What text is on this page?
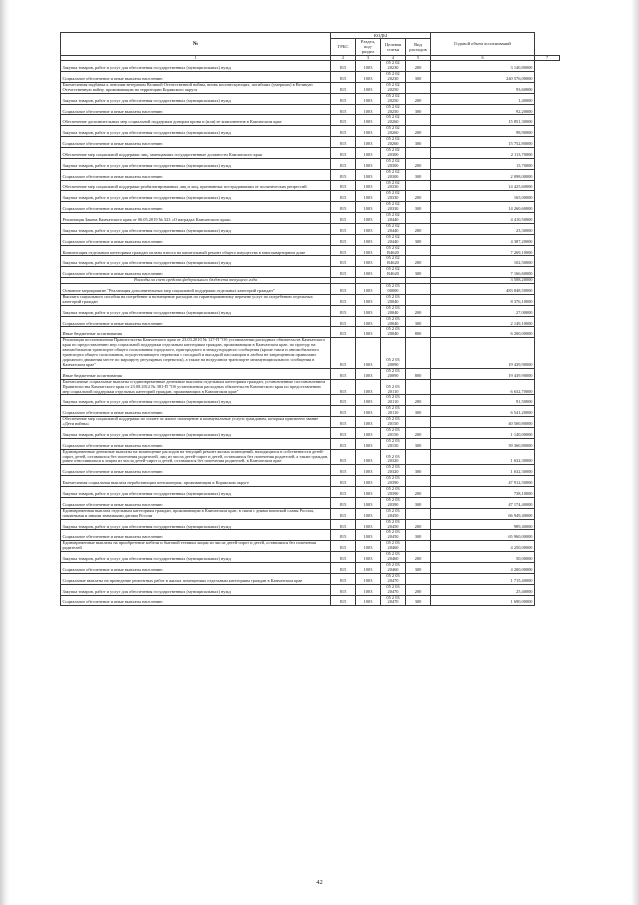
№	КОДЫ				Годовой объем ассигнований	
	ГРБС	Раздел, под-раздел	Целевая статья	Вид расходов		
1	2	3	4	5	6	7
Закупка товаров, работ и услуг для обеспечения государственных (муниципальных) нужд	815	1003	05 2 02 20230	200	3 140,80000	
Социальное обеспечение и иные выплаты населению	815	1003	05 2 02 20230	300	240 576,00000	
Ежемесячная надбавка к пенсиям ветеранам Великой Отечественной войны, вновь восинескующих, погибших (умерших) в Великую Отечественную войну, проживающим на территории Корякского округа	815	1003	05 2 02 20250		93,60000	
Закупка товаров, работ и услуг для обеспечения государственных (муниципальных) нужд	815	1003	05 2 02 20250	200	1,40000	
Социальное обеспечение и иные выплаты населению	815	1003	05 2 02 20250	300	92,20000	
Обеспечение дополнительных мер социальной поддержки донорам крови и (или) ее компонентов в Камчатском крае	815	1003	05 2 02 20260		15 851,30000	
Закупка товаров, работ и услуг для обеспечения государственных (муниципальных) нужд	815	1003	05 2 02 20260	200	98,90000	
Социальное обеспечение и иные выплаты населению	815	1003	05 2 02 20260	300	15 752,80000	
Обеспечение мер социальной поддержки лиц, замещавших государственные должности Камчатского края	815	1003	05 2 02 20300		2 113,70000	
Закупка товаров, работ и услуг для обеспечения государственных (муниципальных) нужд	815	1003	05 2 02 20300	200	15,70000	
Социальное обеспечение и иные выплаты населению	815	1003	05 2 02 20300	300	2 098,00000	
Обеспечение мер социальной поддержки реабилитированных лиц и лиц, признанных пострадавшими от политических репрессий	815	1003	05 2 02 20330		14 425,60000	
Закупка товаров, работ и услуг для обеспечения государственных (муниципальных) нужд	815	1003	05 2 02 20330	200	165,00000	
Социальное обеспечение и иные выплаты населению	815	1003	05 2 02 20330	300	14 260,60000	
Реализация Закона Камчатского края от 06.05.2019 № 323 «О наградах Камчатского края»	815	1003	05 2 02 20440		4 410,50000	
Закупка товаров, работ и услуг для обеспечения государственных (муниципальных) нужд	815	1003	05 2 02 20440	200	23,30000	
Социальное обеспечение и иные выплаты населению	815	1003	05 2 02 20440	300	4 387,20000	
Компенсация отдельным категориям граждан оплаты взноса на капитальный ремонт общего имущества в многоквартирном доме	815	1003	05 2 02 R4620		7 269,10000	
Закупка товаров, работ и услуг для обеспечения государственных (муниципальных) нужд	815	1003	05 2 02 R4620	200	102,50000	
Социальное обеспечение и иные выплаты населению	815	1003	05 2 02 R4620	300	7 166,60000	
Расходы за счет средств федерального бюджета текущего года					3 508,20000	
Основное мероприятие "Реализация дополнительных мер социальной поддержки отдельных категорий граждан"	815	1003	05 2 03 00000		483 848,50000	
Выплата социального пособия на погребение и возмещение расходов по гарантированному перечню услуг по погребению отдельных категорий граждан	815	1003	05 2 03 20040		8 376,10000	
Закупка товаров, работ и услуг для обеспечения государственных (муниципальных) нужд	815	1003	05 2 03 20040	200	27,00000	
Социальное обеспечение и иные выплаты населению	815	1003	05 2 03 20040	300	2 149,10000	
Иные бюджетные ассигнования	815	1003	05 2 03 20040	800	6 200,00000	
Реализация постановления Правительства Камчатского края от 23.03.2010 № 127-П "Об установлении расходных обязательств Камчатского края по предоставлению мер социальной поддержки отдельным категориям граждан, проживающим в Камчатском крае, по проезду на автомобильном транспорте общего пользования городского, пригородного и междугородного сообщения (кроме такси и автомобильного транспорта общего пользования, осуществляющего перевозки с посадкой и высадкой пассажиров в любом не запрещенном правилами дорожного движения месте по маршруту регулярных перевозок), а также на воздушном транспорте межмуниципального сообщения в Камчатском крае"	815	1003	05 2 03 20090		19 439,90000	
Иные бюджетные ассигнования	815	1003	05 2 03 20090	800	19 439,90000	
Ежемесячные социальные выплаты и единовременные денежные выплаты отдельным категориям граждан, установленные постановлением Правительства Камчатского края от 23.08.2012 № 381-П "Об установлении расходных обязательств Камчатского края по предоставлению мер социальной поддержки отдельных категорий граждан, проживающих в Камчатском крае"	815	1003	05 2 03 20110		6 632,70000	
Закупка товаров, работ и услуг для обеспечения государственных (муниципальных) нужд	815	1003	05 2 03 20110	200	91,50000	
Социальное обеспечение и иные выплаты населению	815	1003	05 2 03 20110	300	6 541,20000	
Обеспечение мер социальной поддержки по оплате за жилое помещение и коммунальные услуги гражданам, которым присвоено звание «Дети войны»	815	1003	05 2 03 20150		40 500,80000	
Закупка товаров, работ и услуг для обеспечения государственных (муниципальных) нужд	815	1003	05 2 03 20150	200	1 140,00000	
Социальное обеспечение и иные выплаты населению	815	1003	05 2 03 20150	300	39 360,80000	
Единовременные денежные выплаты на возмещение расходов на текущий ремонт жилых помещений, находящихся в собственности детей-сирот, детей, оставшихся без попечения родителей, лиц из числа детей-сирот и детей, оставшихся без попечения родителей, а также граждан, ранее относившихся к лицам из числа детей-сирот и детей, оставшихся без попечения родителей, в Камчатском крае	815	1003	05 2 03 20320		1 632,30000	
Социальное обеспечение и иные выплаты населению	815	1003	05 2 03 20320	300	1 632,30000	
Ежемесячная социальная выплата неработающим пенсионерам, проживающим в Корякском округе	815	1003	05 2 03 20390		47 912,50000	
Закупка товаров, работ и услуг для обеспечения государственных (муниципальных) нужд	815	1003	05 2 03 20390	200	738,10000	
Социальное обеспечение и иные выплаты населению	815	1003	05 2 03 20390	300	47 174,40000	
Единовременная выплата отдельным категориям граждан, проживающим в Камчатском крае, в связи с днями воинской славы России, памятными и иными значимыми датами России	815	1003	05 2 03 20450		66 949,40000	
Закупка товаров, работ и услуг для обеспечения государственных (муниципальных) нужд	815	1003	05 2 03 20450	200	989,40000	
Социальное обеспечение и иные выплаты населению	815	1003	05 2 03 20450	300	65 960,00000	
Единовременные выплаты на приобретение мебели и бытовой техники лицам из числа детей-сирот и детей, оставшихся без попечения родителей	815	1003	05 2 03 20460		4 250,00000	
Закупка товаров, работ и услуг для обеспечения государственных (муниципальных) нужд	815	1003	05 2 03 20460	200	50,00000	
Социальное обеспечение и иные выплаты населению	815	1003	05 2 03 20460	300	4 200,00000	
Социальные выплаты на проведение ремонтных работ в жилых помещениях отдельным категориям граждан в Камчатском крае	815	1003	05 2 03 20470		1 715,40000	
Закупка товаров, работ и услуг для обеспечения государственных (муниципальных) нужд	815	1003	05 2 03 20470	200	25,40000	
Социальное обеспечение и иные выплаты населению	815	1003	05 2 03 20470	300	1 690,00000	
42
